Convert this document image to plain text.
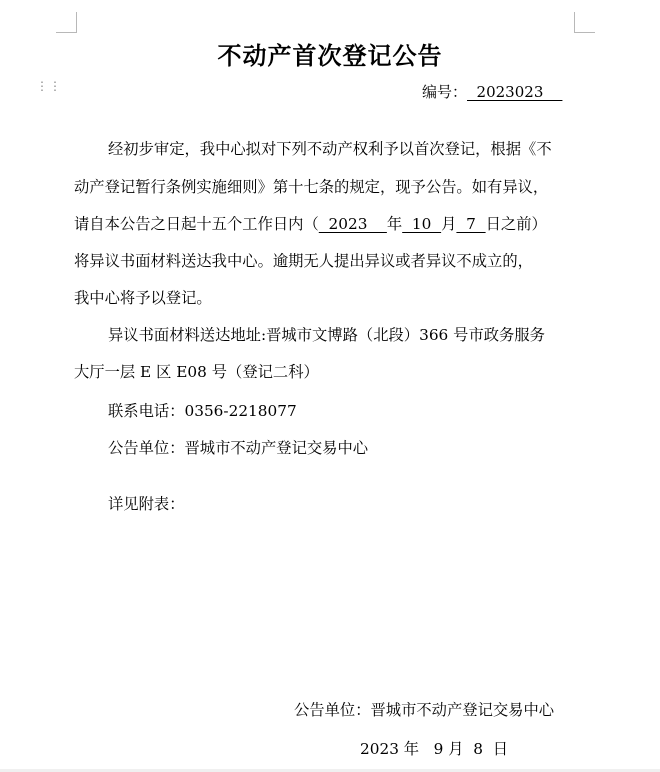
⋮⋮
不动产首次登记公告
编号：  2023023
经初步审定，我中心拟对下列不动产权利予以首次登记，根据《不
动产登记暂行条例实施细则》第十七条的规定，现予公告。如有异议，
请自本公告之日起十五个工作日内（  2023    年  10  月  7  日之前）
将异议书面材料送达我中心。逾期无人提出异议或者异议不成立的，
我中心将予以登记。
异议书面材料送达地址:晋城市文博路（北段）366 号市政务服务
大厅一层 E 区 E08 号（登记二科）
联系电话：0356-2218077
公告单位：晋城市不动产登记交易中心
详见附表：
公告单位：晋城市不动产登记交易中心
2023 年   9 月  8  日
